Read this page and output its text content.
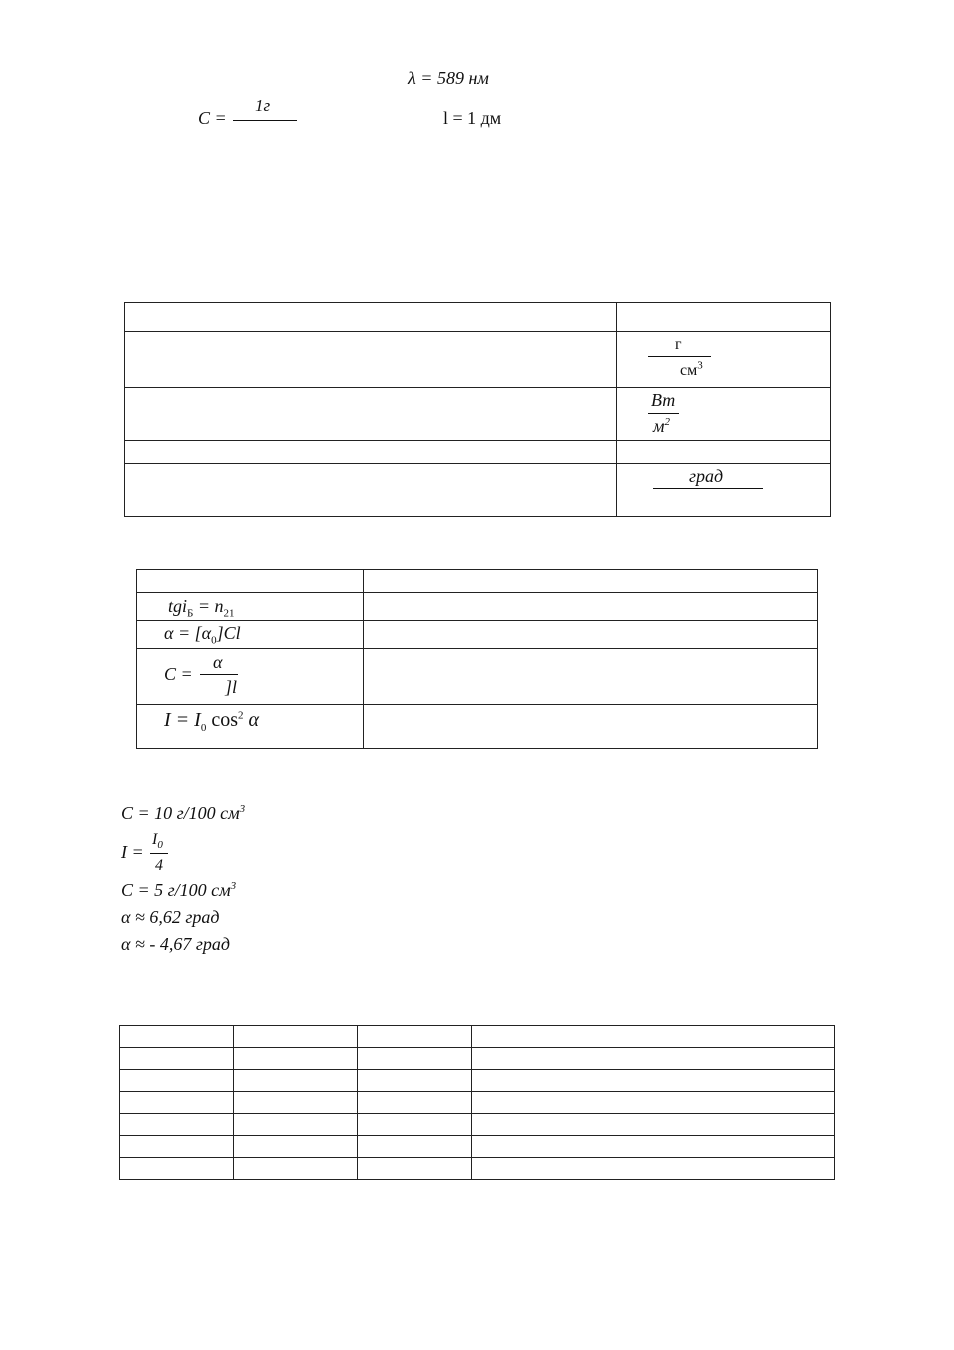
λ = 589 нм
C =
1г
l = 1 дм

	г
$см^3$

	Вт
$м^2$

	град

$tgi_Б = n_{21}$

$\alpha = [\alpha_0]Cl$	

C =
α
]l	

$I = I_0$ $\cos^2 \alpha$	

C = 10 г/100 $см^3$
I =
$I_0$
4
C = 5 г/100 $см^3$
α ≈ 6,62 град
α ≈ - 4,67 град
